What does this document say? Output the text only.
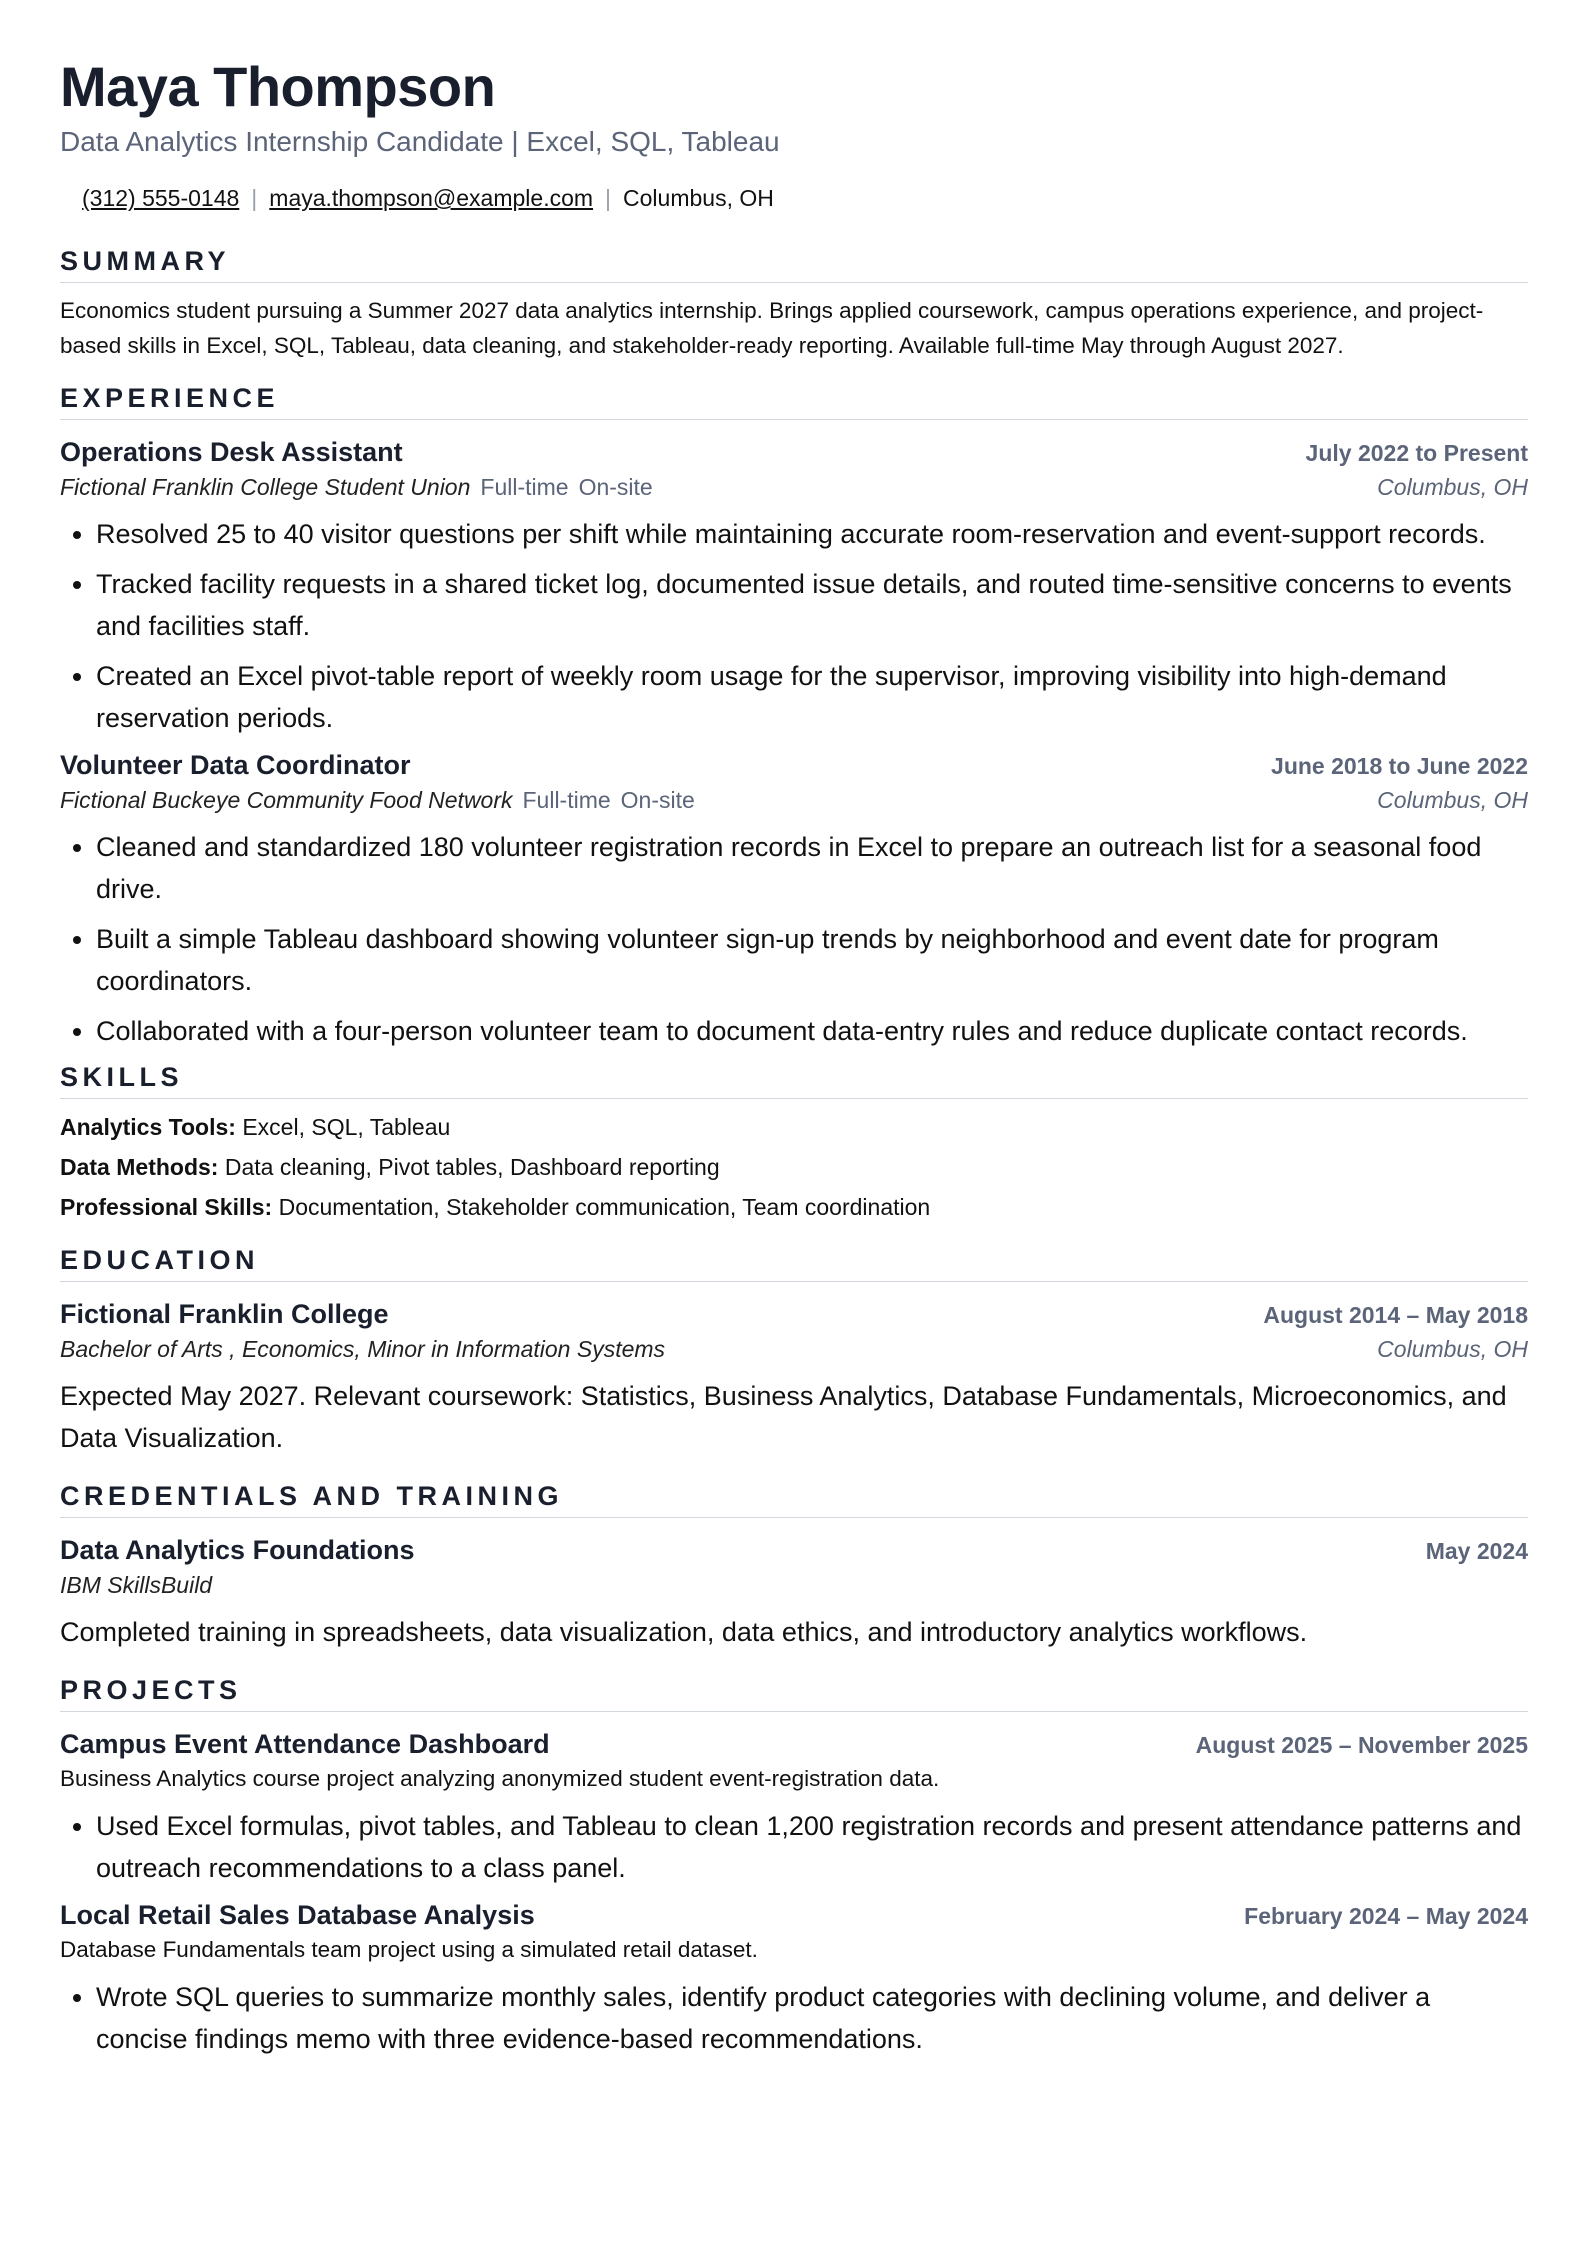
Maya Thompson
Data Analytics Internship Candidate | Excel, SQL, Tableau
(312) 555-0148 | maya.thompson@example.com | Columbus, OH
SUMMARY
Economics student pursuing a Summer 2027 data analytics internship. Brings applied coursework, campus operations experience, and project-based skills in Excel, SQL, Tableau, data cleaning, and stakeholder-ready reporting. Available full-time May through August 2027.
EXPERIENCE
Operations Desk Assistant	July 2022 to Present
Fictional Franklin College Student Union Full-time On-site	Columbus, OH
• Resolved 25 to 40 visitor questions per shift while maintaining accurate room-reservation and event-support records.
• Tracked facility requests in a shared ticket log, documented issue details, and routed time-sensitive concerns to events and facilities staff.
• Created an Excel pivot-table report of weekly room usage for the supervisor, improving visibility into high-demand reservation periods.
Volunteer Data Coordinator	June 2018 to June 2022
Fictional Buckeye Community Food Network Full-time On-site	Columbus, OH
• Cleaned and standardized 180 volunteer registration records in Excel to prepare an outreach list for a seasonal food drive.
• Built a simple Tableau dashboard showing volunteer sign-up trends by neighborhood and event date for program coordinators.
• Collaborated with a four-person volunteer team to document data-entry rules and reduce duplicate contact records.
SKILLS
Analytics Tools: Excel, SQL, Tableau
Data Methods: Data cleaning, Pivot tables, Dashboard reporting
Professional Skills: Documentation, Stakeholder communication, Team coordination
EDUCATION
Fictional Franklin College	August 2014 – May 2018
Bachelor of Arts , Economics, Minor in Information Systems	Columbus, OH
Expected May 2027. Relevant coursework: Statistics, Business Analytics, Database Fundamentals, Microeconomics, and Data Visualization.
CREDENTIALS AND TRAINING
Data Analytics Foundations	May 2024
IBM SkillsBuild
Completed training in spreadsheets, data visualization, data ethics, and introductory analytics workflows.
PROJECTS
Campus Event Attendance Dashboard	August 2025 – November 2025
Business Analytics course project analyzing anonymized student event-registration data.
• Used Excel formulas, pivot tables, and Tableau to clean 1,200 registration records and present attendance patterns and outreach recommendations to a class panel.
Local Retail Sales Database Analysis	February 2024 – May 2024
Database Fundamentals team project using a simulated retail dataset.
• Wrote SQL queries to summarize monthly sales, identify product categories with declining volume, and deliver a concise findings memo with three evidence-based recommendations.
